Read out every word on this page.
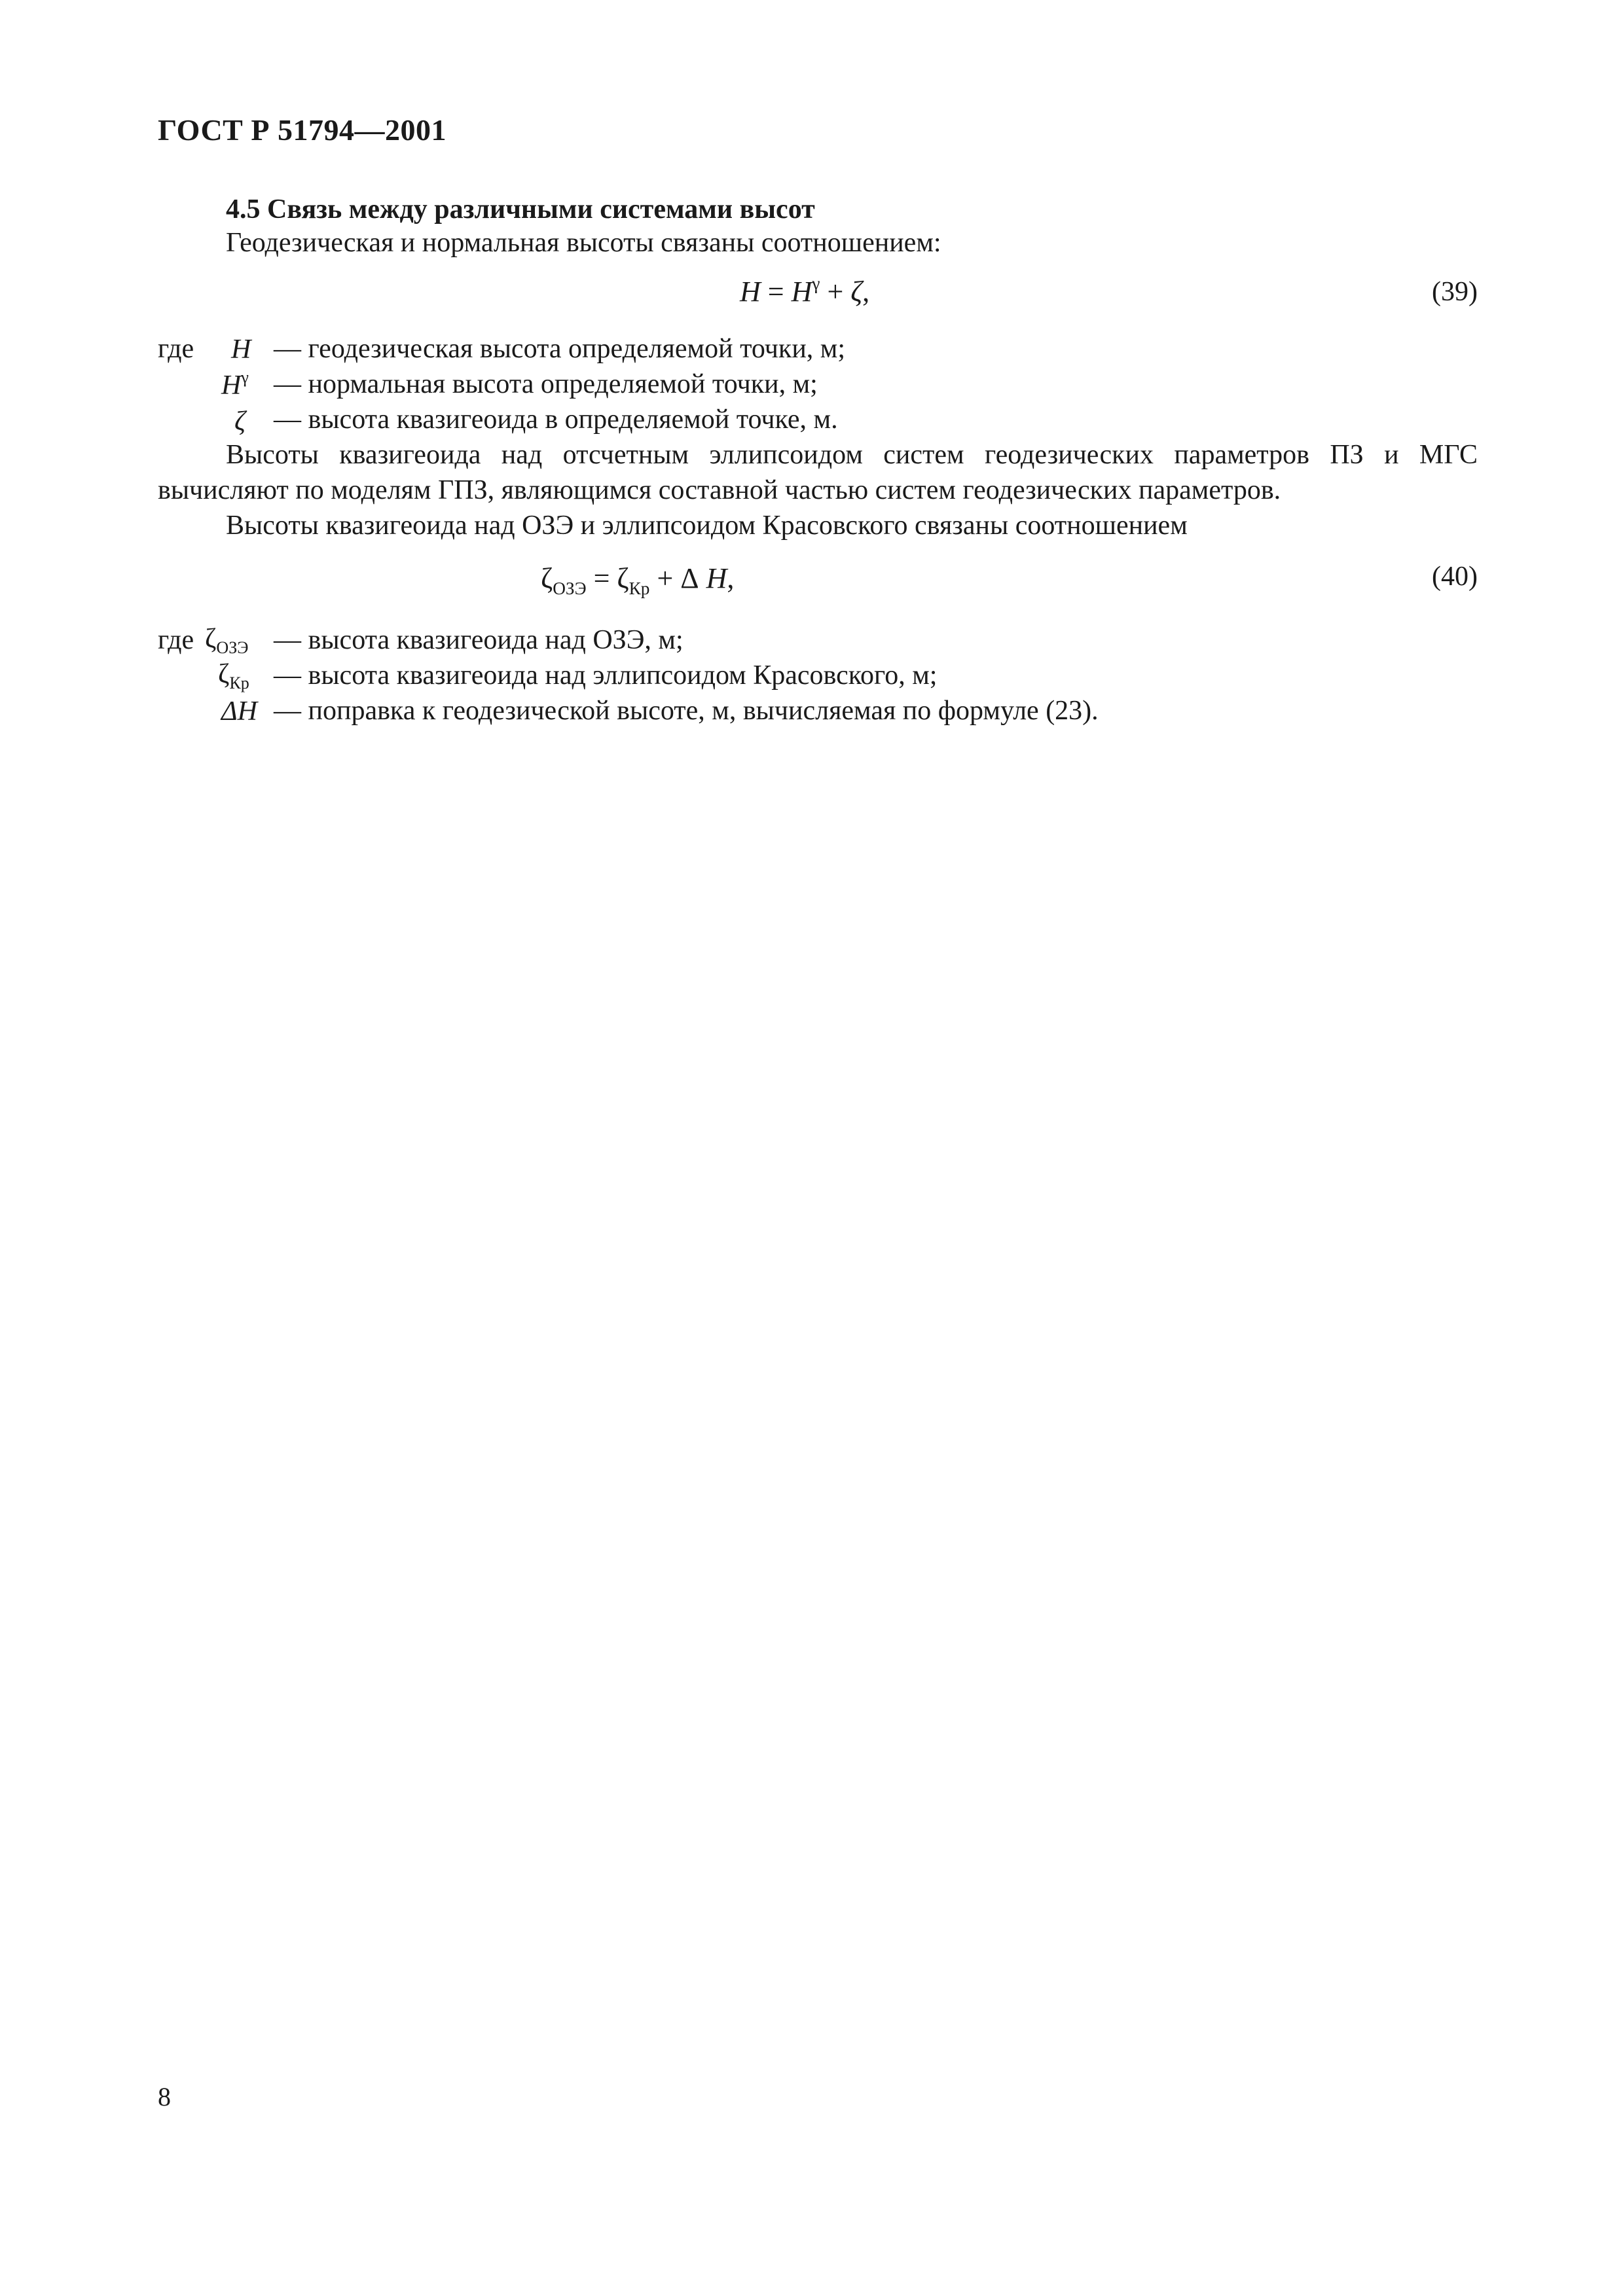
ГОСТ Р 51794—2001
4.5 Связь между различными системами высот
Геодезическая и нормальная высоты связаны соотношением:
$H = H^\gamma + \zeta$,	(39)
где H — геодезическая высота определяемой точки, м;
$H^\gamma$ — нормальная высота определяемой точки, м;
ζ — высота квазигеоида в определяемой точке, м.
Высоты квазигеоида над отсчетным эллипсоидом систем геодезических параметров ПЗ и МГС
вычисляют по моделям ГПЗ, являющимся составной частью систем геодезических параметров.
Высоты квазигеоида над ОЗЭ и эллипсоидом Красовского связаны соотношением
$\zeta_{ОЗЭ} = \zeta_{Кр} + \Delta$ H,	(40)
где $\zeta_{ОЗЭ}$ — высота квазигеоида над ОЗЭ, м;
$\zeta_{Кр}$ — высота квазигеоида над эллипсоидом Красовского, м;
ΔH — поправка к геодезической высоте, м, вычисляемая по формуле (23).
8
